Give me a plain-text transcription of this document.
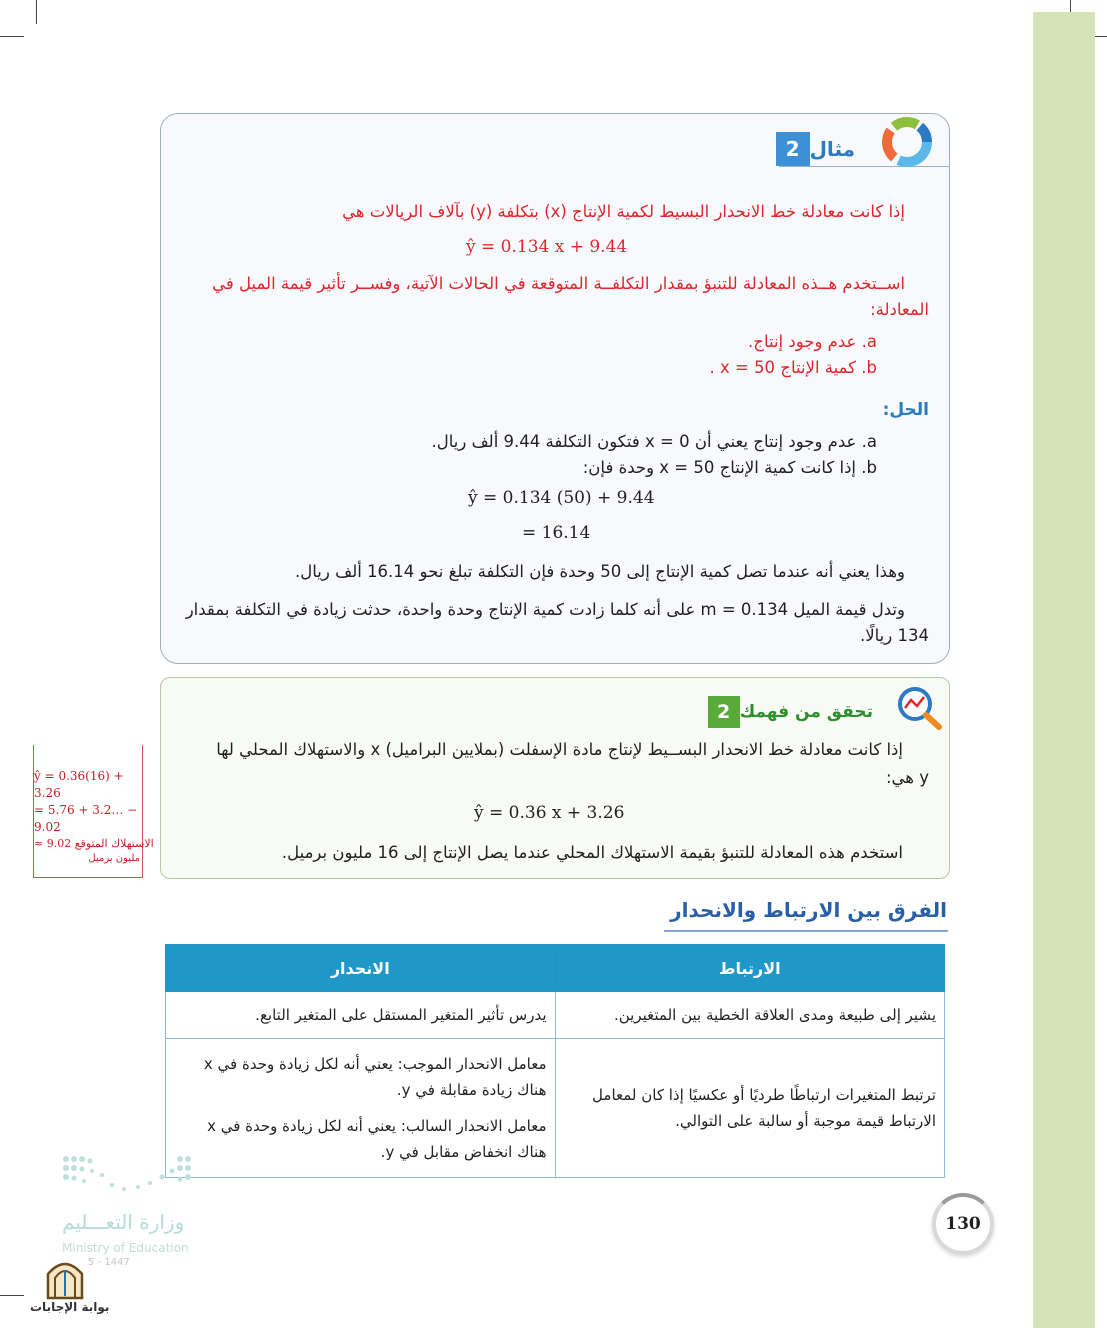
مثال
2
إذا كانت معادلة خط الانحدار البسيط لكمية الإنتاج (x) بتكلفة (y) بآلاف الريالات هي
ŷ = 0.134 x + 9.44
اســتخدم هــذه المعادلة للتنبؤ بمقدار التكلفــة المتوقعة في الحالات الآتية، وفســر تأثير قيمة الميل في
المعادلة:
a. عدم وجود إنتاج.
b. كمية الإنتاج x = 50 .
الحل:
a. عدم وجود إنتاج يعني أن x = 0 فتكون التكلفة 9.44 ألف ريال.
b. إذا كانت كمية الإنتاج x = 50 وحدة فإن:
ŷ = 0.134 (50) + 9.44
= 16.14
وهذا يعني أنه عندما تصل كمية الإنتاج إلى 50 وحدة فإن التكلفة تبلغ نحو 16.14 ألف ريال.
وتدل قيمة الميل m = 0.134 على أنه كلما زادت كمية الإنتاج وحدة واحدة، حدثت زيادة في التكلفة بمقدار
134 ريالًا.
تحقق من فهمك
2
إذا كانت معادلة خط الانحدار البســيط لإنتاج مادة الإسفلت (بملايين البراميل) x والاستهلاك المحلي لها
y هي:
ŷ = 0.36 x + 3.26
استخدم هذه المعادلة للتنبؤ بقيمة الاستهلاك المحلي عندما يصل الإنتاج إلى 16 مليون برميل.
ŷ = 0.36(16) +
3.26
= 5.76 + 3.2… −
9.02
≈ 9.02 الاستهلاك المتوقع
مليون برميل
الفرق بين الارتباط والانحدار
الارتباط	الانحدار
يشير إلى طبيعة ومدى العلاقة الخطية بين المتغيرين.	يدرس تأثير المتغير المستقل على المتغير التابع.
ترتبط المتغيرات ارتباطًا طرديًا أو عكسيًا إذا كان لمعامل الارتباط قيمة موجبة أو سالبة على التوالي.	معامل الانحدار الموجب: يعني أنه لكل زيادة وحدة في x هناك زيادة مقابلة في y.
معامل الانحدار السالب: يعني أنه لكل زيادة وحدة في x هناك انخفاض مقابل في y.
130
وزارة التعـــليم
Ministry of Education
5 - 1447
بوابة الإجابات
